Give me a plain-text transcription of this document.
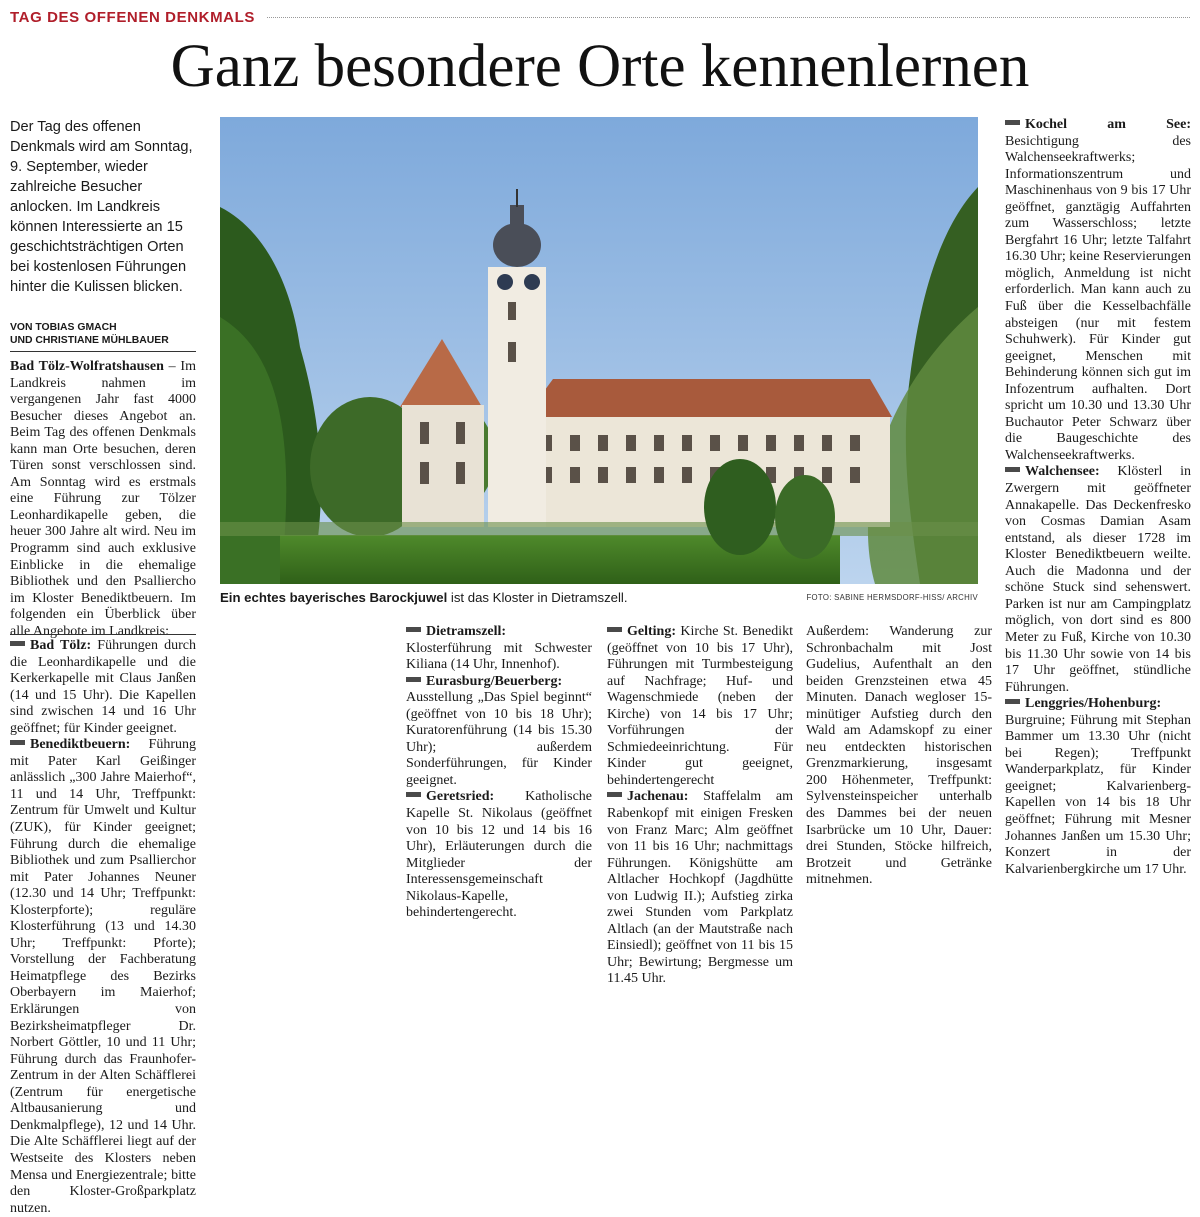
TAG DES OFFENEN DENKMALS
Ganz besondere Orte kennenlernen

Der Tag des offenen Denkmals wird am Sonntag, 9. September, wieder zahlreiche Besucher anlocken. Im Landkreis können Interessierte an 15 geschichtsträchtigen Orten bei kostenlosen Führungen hinter die Kulissen blicken.

VON TOBIAS GMACH
UND CHRISTIANE MÜHLBAUER

Bad Tölz-Wolfratshausen – Im Landkreis nahmen im vergangenen Jahr fast 4000 Besucher dieses Angebot an. Beim Tag des offenen Denkmals kann man Orte besuchen, deren Türen sonst verschlossen sind. Am Sonntag wird es erstmals eine Führung zur Tölzer Leonhardikapelle geben, die heuer 300 Jahre alt wird. Neu im Programm sind auch exklusive Einblicke in die ehemalige Bibliothek und den Psalliercho im Kloster Benediktbeuern. Im folgenden ein Überblick über alle Angebote im Landkreis:

Ein echtes bayerisches Barockjuwel ist das Kloster in Dietramszell.	FOTO: SABINE HERMSDORF-HISS/ ARCHIV

Bad Tölz: Führungen durch die Leonhardikapelle und die Kerkerkapelle mit Claus Janßen (14 und 15 Uhr). Die Kapellen sind zwischen 14 und 16 Uhr geöffnet; für Kinder geeignet.

Benediktbeuern: Führung mit Pater Karl Geißinger anlässlich „300 Jahre Maierhof“, 11 und 14 Uhr, Treffpunkt: Zentrum für Umwelt und Kultur (ZUK), für Kinder geeignet; Führung durch die ehemalige Bibliothek und zum Psallierchor mit Pater Johannes Neuner (12.30 und 14 Uhr; Treffpunkt: Klosterpforte); reguläre Klosterführung (13 und 14.30 Uhr; Treffpunkt: Pforte); Vorstellung der Fachberatung Heimatpflege des Bezirks Oberbayern im Maierhof; Erklärungen von Bezirksheimatpfleger Dr. Norbert Göttler, 10 und 11 Uhr; Führung durch das Fraunhofer-Zentrum in der Alten Schäfflerei (Zentrum für energetische Altbausanierung und Denkmalpflege), 12 und 14 Uhr. Die Alte Schäfflerei liegt auf der Westseite des Klosters neben Mensa und Energiezentrale; bitte den Kloster-Großparkplatz nutzen.

Dietramszell: Klosterführung mit Schwester Kiliana (14 Uhr, Innenhof).

Eurasburg/Beuerberg: Ausstellung „Das Spiel beginnt“ (geöffnet von 10 bis 18 Uhr); Kuratorenführung (14 bis 15.30 Uhr); außerdem Sonderführungen, für Kinder geeignet.

Geretsried: Katholische Kapelle St. Nikolaus (geöffnet von 10 bis 12 und 14 bis 16 Uhr), Erläuterungen durch die Mitglieder der Interessensgemeinschaft Nikolaus-Kapelle, behindertengerecht.

Gelting: Kirche St. Benedikt (geöffnet von 10 bis 17 Uhr), Führungen mit Turmbesteigung auf Nachfrage; Huf- und Wagenschmiede (neben der Kirche) von 14 bis 17 Uhr; Vorführungen der Schmiedeeinrichtung. Für Kinder gut geeignet, behindertengerecht

Jachenau: Staffelalm am Rabenkopf mit einigen Fresken von Franz Marc; Alm geöffnet von 11 bis 16 Uhr; nachmittags Führungen. Königshütte am Altlacher Hochkopf (Jagdhütte von Ludwig II.); Aufstieg zirka zwei Stunden vom Parkplatz Altlach (an der Mautstraße nach Einsiedl); geöffnet von 11 bis 15 Uhr; Bewirtung; Bergmesse um 11.45 Uhr.

Außerdem: Wanderung zur Schronbachalm mit Jost Gudelius, Aufenthalt an den beiden Grenzsteinen etwa 45 Minuten. Danach wegloser 15-minütiger Aufstieg durch den Wald am Adamskopf zu einer neu entdeckten historischen Grenzmarkierung, insgesamt 200 Höhenmeter, Treffpunkt: Sylvensteinspeicher unterhalb des Dammes bei der neuen Isarbrücke um 10 Uhr, Dauer: drei Stunden, Stöcke hilfreich, Brotzeit und Getränke mitnehmen.

Kochel am See: Besichtigung des Walchenseekraftwerks; Informationszentrum und Maschinenhaus von 9 bis 17 Uhr geöffnet, ganztägig Auffahrten zum Wasserschloss; letzte Bergfahrt 16 Uhr; letzte Talfahrt 16.30 Uhr; keine Reservierungen möglich, Anmeldung ist nicht erforderlich. Man kann auch zu Fuß über die Kesselbachfälle absteigen (nur mit festem Schuhwerk). Für Kinder gut geeignet, Menschen mit Behinderung können sich gut im Infozentrum aufhalten. Dort spricht um 10.30 und 13.30 Uhr Buchautor Peter Schwarz über die Baugeschichte des Walchenseekraftwerks.

Walchensee: Klösterl in Zwergern mit geöffneter Annakapelle. Das Deckenfresko von Cosmas Damian Asam entstand, als dieser 1728 im Kloster Benediktbeuern weilte. Auch die Madonna und der schöne Stuck sind sehenswert. Parken ist nur am Campingplatz möglich, von dort sind es 800 Meter zu Fuß, Kirche von 10.30 bis 11.30 Uhr sowie von 14 bis 17 Uhr geöffnet, stündliche Führungen.

Lenggries/Hohenburg: Burgruine; Führung mit Stephan Bammer um 13.30 Uhr (nicht bei Regen); Treffpunkt Wanderparkplatz, für Kinder geeignet; Kalvarienberg-Kapellen von 14 bis 18 Uhr geöffnet; Führung mit Mesner Johannes Janßen um 15.30 Uhr; Konzert in der Kalvarienbergkirche um 17 Uhr.
